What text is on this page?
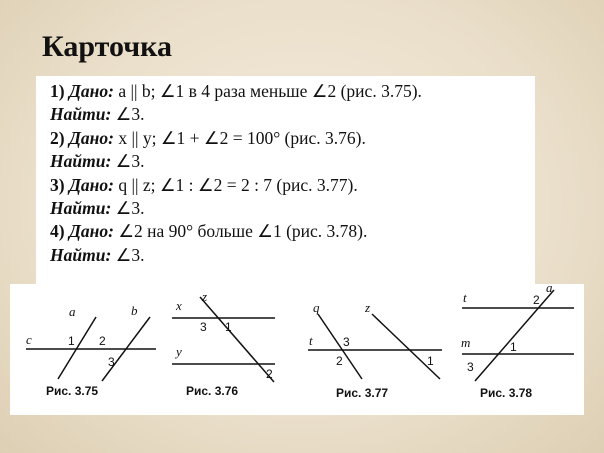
Карточка
1) Дано: a || b; ∠1 в 4 раза меньше ∠2 (рис. 3.75).
Найти: ∠3.
2) Дано: x || y; ∠1 + ∠2 = 100° (рис. 3.76).
Найти: ∠3.
3) Дано: q || z; ∠1 : ∠2 = 2 : 7 (рис. 3.77).
Найти: ∠3.
4) Дано: ∠2 на 90° больше ∠1 (рис. 3.78).
Найти: ∠3.
a	b
c	1 2
3
Рис. 3.75
x
z
y
3 1
2
Рис. 3.76
q	z
t	3
2	1
Рис. 3.77
t
a
m
2
1
3
Рис. 3.78
